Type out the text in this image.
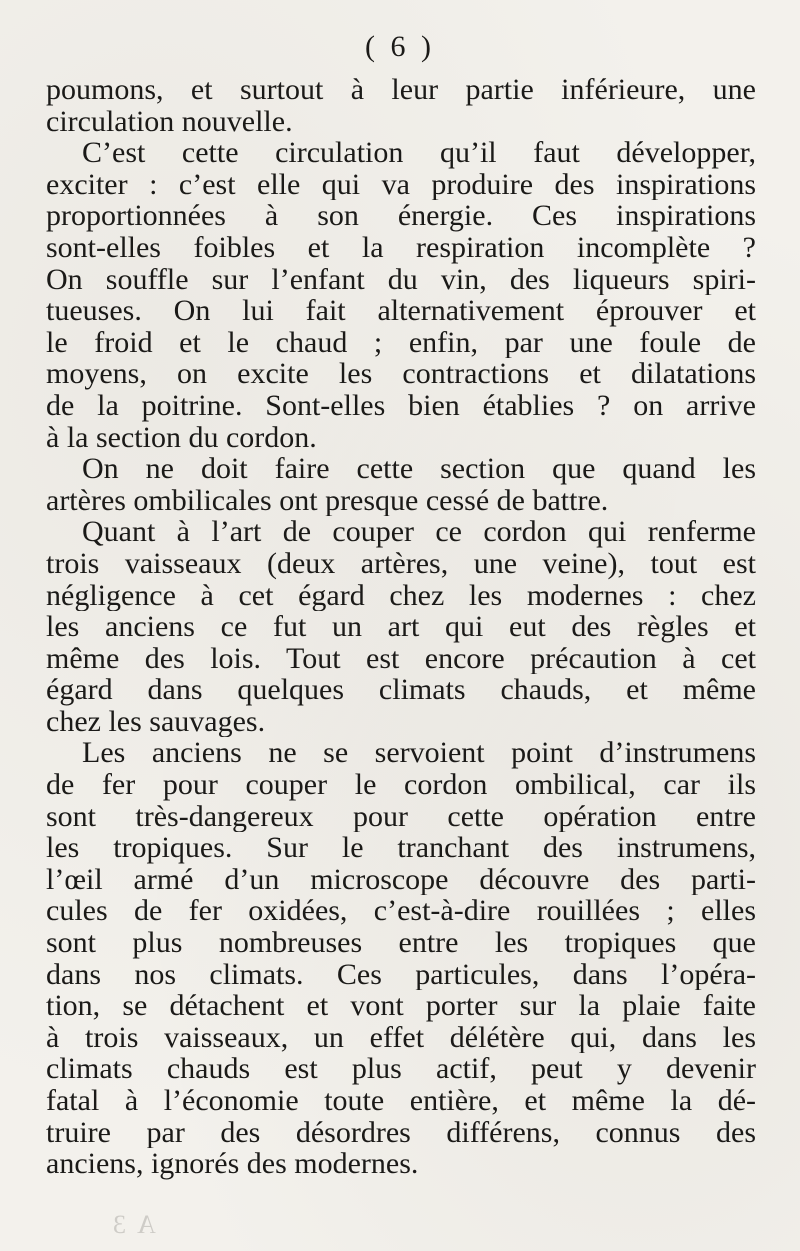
( 6 )
poumons, et surtout à leur partie inférieure, une
circulation nouvelle.
C’est cette circulation qu’il faut développer,
exciter : c’est elle qui va produire des inspirations
proportionnées à son énergie. Ces inspirations
sont-elles foibles et la respiration incomplète ?
On souffle sur l’enfant du vin, des liqueurs spiri-
tueuses. On lui fait alternativement éprouver et
le froid et le chaud ; enfin, par une foule de
moyens, on excite les contractions et dilatations
de la poitrine. Sont-elles bien établies ? on arrive
à la section du cordon.
On ne doit faire cette section que quand les
artères ombilicales ont presque cessé de battre.
Quant à l’art de couper ce cordon qui renferme
trois vaisseaux (deux artères, une veine), tout est
négligence à cet égard chez les modernes : chez
les anciens ce fut un art qui eut des règles et
même des lois. Tout est encore précaution à cet
égard dans quelques climats chauds, et même
chez les sauvages.
Les anciens ne se servoient point d’instrumens
de fer pour couper le cordon ombilical, car ils
sont très-dangereux pour cette opération entre
les tropiques. Sur le tranchant des instrumens,
l’œil armé d’un microscope découvre des parti-
cules de fer oxidées, c’est-à-dire rouillées ; elles
sont plus nombreuses entre les tropiques que
dans nos climats. Ces particules, dans l’opéra-
tion, se détachent et vont porter sur la plaie faite
à trois vaisseaux, un effet délétère qui, dans les
climats chauds est plus actif, peut y devenir
fatal à l’économie toute entière, et même la dé-
truire par des désordres différens, connus des
anciens, ignorés des modernes.
A 3
